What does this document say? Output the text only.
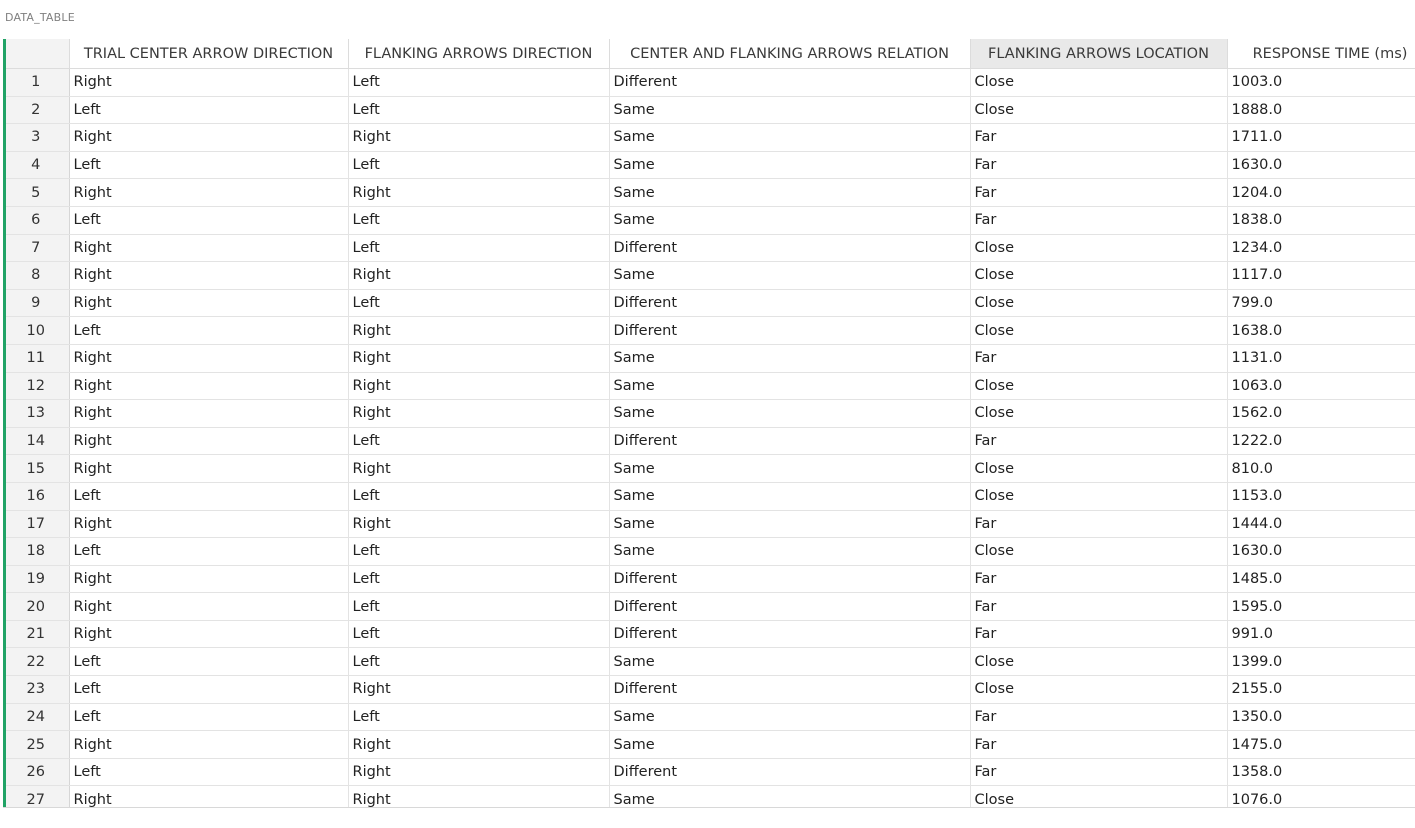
DATA_TABLE
	TRIAL CENTER ARROW DIRECTION	FLANKING ARROWS DIRECTION	CENTER AND FLANKING ARROWS RELATION	FLANKING ARROWS LOCATION	RESPONSE TIME (ms)
1	Right	Left	Different	Close	1003.0
2	Left	Left	Same	Close	1888.0
3	Right	Right	Same	Far	1711.0
4	Left	Left	Same	Far	1630.0
5	Right	Right	Same	Far	1204.0
6	Left	Left	Same	Far	1838.0
7	Right	Left	Different	Close	1234.0
8	Right	Right	Same	Close	1117.0
9	Right	Left	Different	Close	799.0
10	Left	Right	Different	Close	1638.0
11	Right	Right	Same	Far	1131.0
12	Right	Right	Same	Close	1063.0
13	Right	Right	Same	Close	1562.0
14	Right	Left	Different	Far	1222.0
15	Right	Right	Same	Close	810.0
16	Left	Left	Same	Close	1153.0
17	Right	Right	Same	Far	1444.0
18	Left	Left	Same	Close	1630.0
19	Right	Left	Different	Far	1485.0
20	Right	Left	Different	Far	1595.0
21	Right	Left	Different	Far	991.0
22	Left	Left	Same	Close	1399.0
23	Left	Right	Different	Close	2155.0
24	Left	Left	Same	Far	1350.0
25	Right	Right	Same	Far	1475.0
26	Left	Right	Different	Far	1358.0
27	Right	Right	Same	Close	1076.0
